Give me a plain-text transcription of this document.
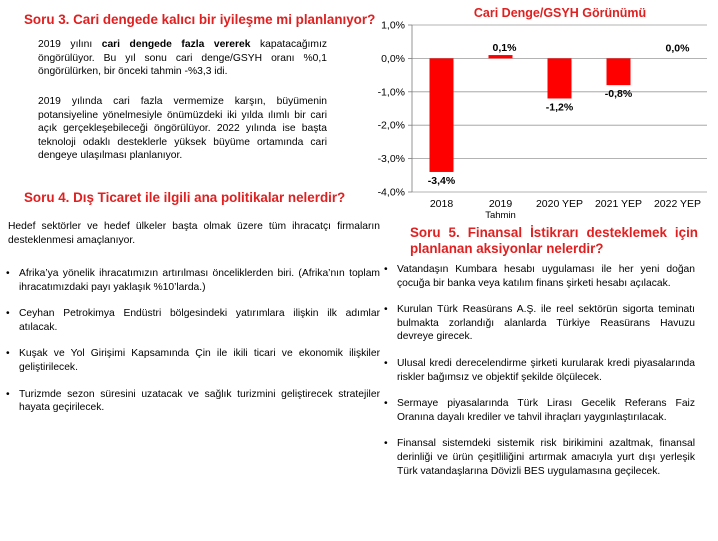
Soru 3. Cari dengede kalıcı bir iyileşme mi planlanıyor?

2019 yılını cari dengede fazla vererek kapatacağımız öngörülüyor. Bu yıl sonu cari denge/GSYH oranı %0,1 öngörülürken, bir önceki tahmin -%3,3 idi.

2019 yılında cari fazla vermemize karşın, büyümenin potansiyeline yönelmesiyle önümüzdeki iki yılda ılımlı bir cari açık gerçekleşebileceği öngörülüyor. 2022 yılında ise başta teknoloji odaklı desteklerle yüksek büyüme ortamında cari dengeye ulaşılması planlanıyor.

Soru 4. Dış Ticaret ile ilgili ana politikalar nelerdir?

Hedef sektörler ve hedef ülkeler başta olmak üzere tüm ihracatçı firmaların desteklenmesi amaçlanıyor.

• Afrika’ya yönelik ihracatımızın artırılması önceliklerden biri. (Afrika’nın toplam ihracatımızdaki payı yaklaşık %10’larda.)
• Ceyhan Petrokimya Endüstri bölgesindeki yatırımlara ilişkin ilk adımlar atılacak.
• Kuşak ve Yol Girişimi Kapsamında Çin ile ikili ticari ve ekonomik ilişkiler geliştirilecek.
• Turizmde sezon süresini uzatacak ve sağlık turizmini geliştirecek stratejiler hayata geçirilecek.
Cari Denge/GSYH Görünümü
1,0%
0,0%
-1,0%
-2,0%
-3,0%
-4,0%
2018	2019
Tahmin
2020 YEP 2021 YEP 2022 YEP
-3,4%
0,1%
-1,2%
-0,8%
0,0%
Soru 5. Finansal İstikrarı desteklemek için
planlanan aksiyonlar nelerdir?
• Vatandaşın Kumbara hesabı uygulaması ile her yeni doğan çocuğa bir banka veya katılım finans şirketi hesabı açılacak.
• Kurulan Türk Reasürans A.Ş. ile reel sektörün sigorta teminatı bulmakta zorlandığı alanlarda Türkiye Reasürans Havuzu devreye girecek.
• Ulusal kredi derecelendirme şirketi kurularak kredi piyasalarında riskler bağımsız ve objektif şekilde ölçülecek.
• Sermaye piyasalarında Türk Lirası Gecelik Referans Faiz Oranına dayalı krediler ve tahvil ihraçları yaygınlaştırılacak.
• Finansal sistemdeki sistemik risk birikimini azaltmak, finansal derinliği ve ürün çeşitliliğini artırmak amacıyla yurt dışı yerleşik Türk vatandaşlarına Dövizli BES uygulamasına geçilecek.
